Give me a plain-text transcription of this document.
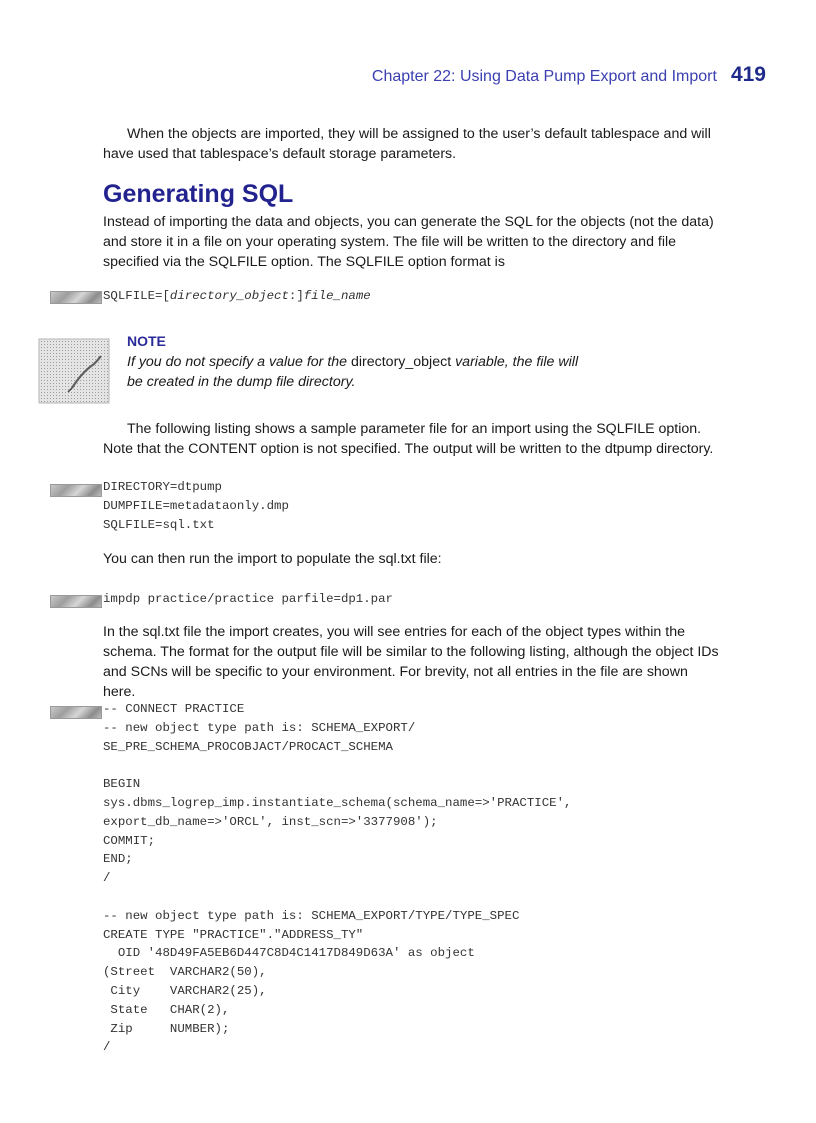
Chapter 22: Using Data Pump Export and Import 419

When the objects are imported, they will be assigned to the user’s default tablespace and will have used that tablespace’s default storage parameters.

Generating SQL

Instead of importing the data and objects, you can generate the SQL for the objects (not the data) and store it in a file on your operating system. The file will be written to the directory and file specified via the SQLFILE option. The SQLFILE option format is

SQLFILE=[directory_object:]file_name
NOTE

If you do not specify a value for the directory_object variable, the file will be created in the dump file directory.

The following listing shows a sample parameter file for an import using the SQLFILE option. Note that the CONTENT option is not specified. The output will be written to the dtpump directory.

DIRECTORY=dtpump
DUMPFILE=metadataonly.dmp
SQLFILE=sql.txt

You can then run the import to populate the sql.txt file:

impdp practice/practice parfile=dp1.par

In the sql.txt file the import creates, you will see entries for each of the object types within the schema. The format for the output file will be similar to the following listing, although the object IDs and SCNs will be specific to your environment. For brevity, not all entries in the file are shown here.

-- CONNECT PRACTICE
-- new object type path is: SCHEMA_EXPORT/
SE_PRE_SCHEMA_PROCOBJACT/PROCACT_SCHEMA
BEGIN
sys.dbms_logrep_imp.instantiate_schema(schema_name=>'PRACTICE',
export_db_name=>'ORCL', inst_scn=>'3377908');
COMMIT;
END;
/
-- new object type path is: SCHEMA_EXPORT/TYPE/TYPE_SPEC
CREATE TYPE "PRACTICE"."ADDRESS_TY"
OID '48D49FA5EB6D447C8D4C1417D849D63A' as object
(Street  VARCHAR2(50),
City    VARCHAR2(25),
State   CHAR(2),
Zip     NUMBER);
/
